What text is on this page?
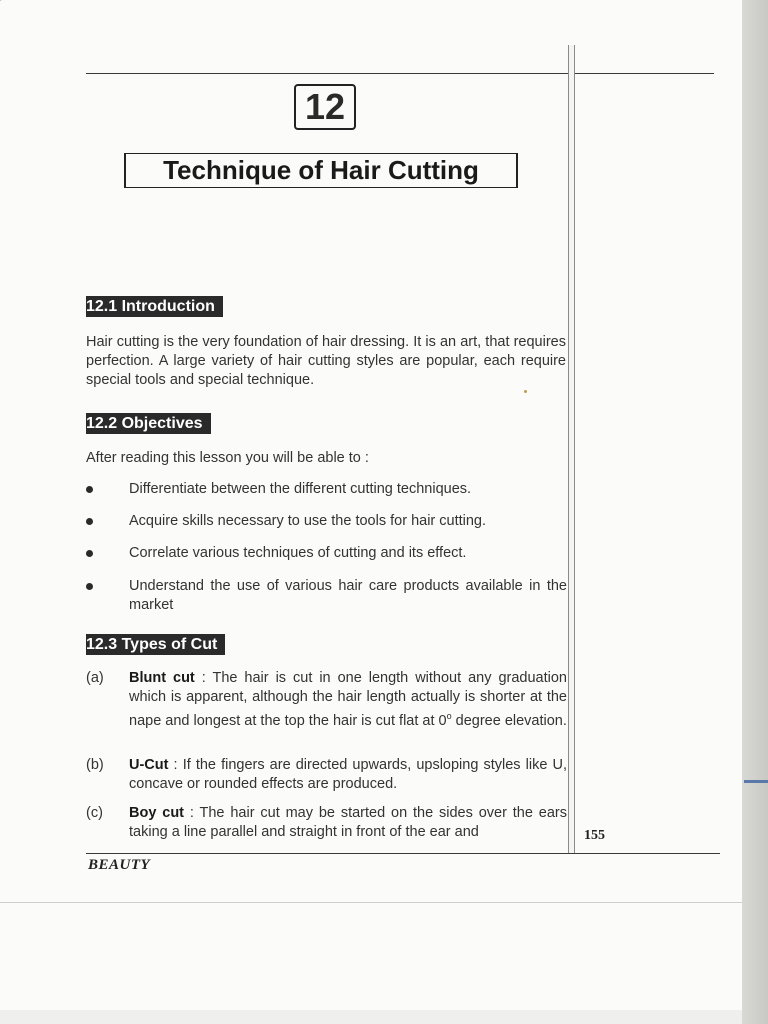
12
Technique of Hair Cutting
12.1 Introduction

Hair cutting is the very foundation of hair dressing. It is an art, that requires perfection. A large variety of hair cutting styles are popular, each require special tools and special technique.

12.2 Objectives

After reading this lesson you will be able to :

Differentiate between the different cutting techniques.
Acquire skills necessary to use the tools for hair cutting.
Correlate various techniques of cutting and its effect.
Understand the use of various hair care products available in the market
12.3 Types of Cut
(a) Blunt cut : The hair is cut in one length without any graduation which is apparent, although the hair length actually is shorter at the nape and longest at the top the hair is cut flat at 0$^o$ degree elevation.
(b) U-Cut : If the fingers are directed upwards, upsloping styles like U, concave or rounded effects are produced.
(c) Boy cut : The hair cut may be started on the sides over the ears taking a line parallel and straight in front of the ear and	155
BEAUTY
